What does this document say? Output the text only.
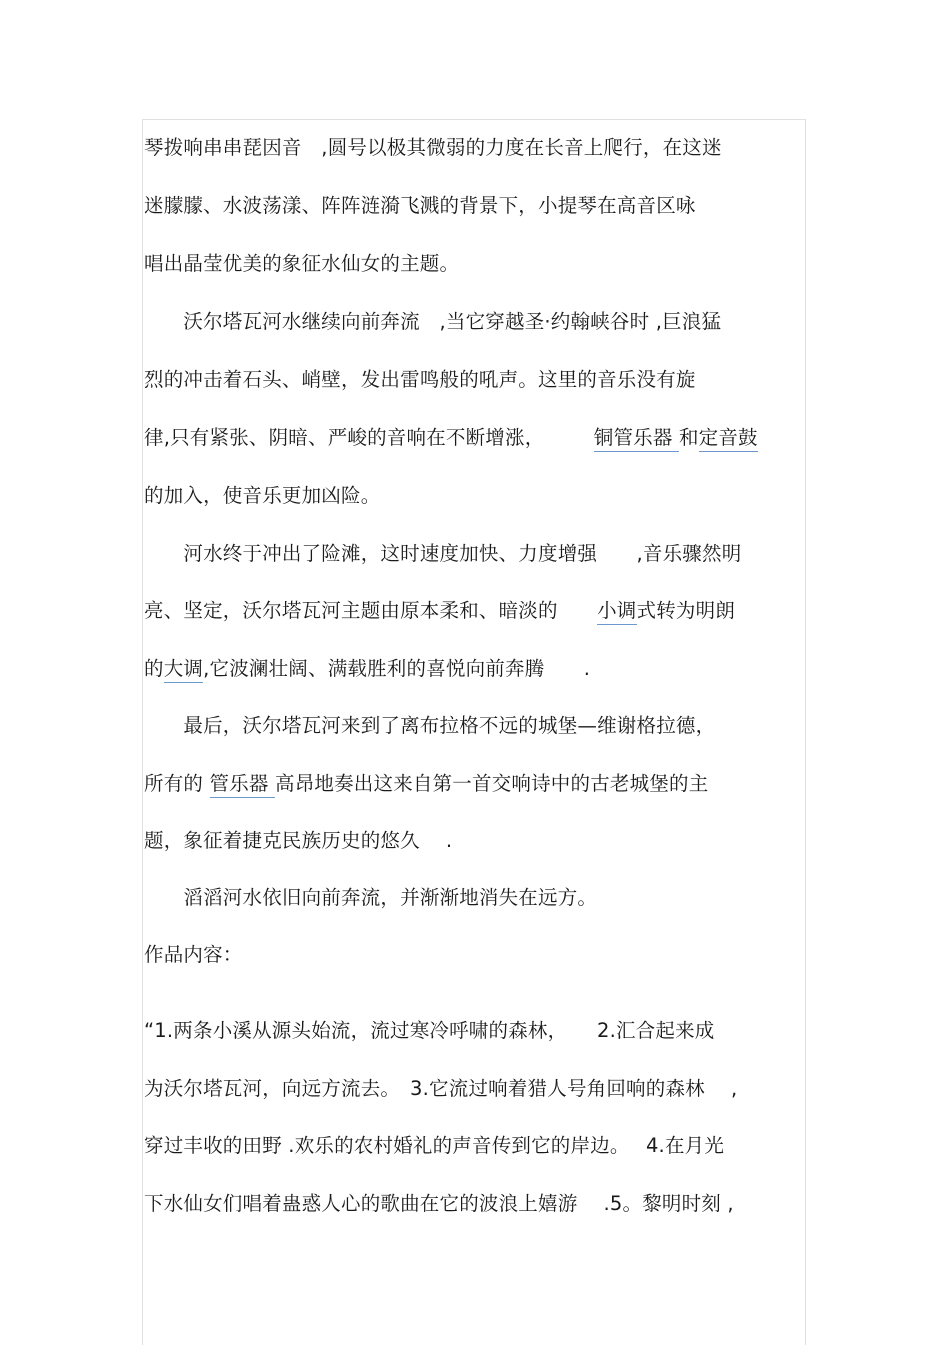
琴拨响串串琵因音　,圆号以极其微弱的力度在长音上爬行，在这迷
迷朦朦、水波荡漾、阵阵涟漪飞溅的背景下，小提琴在高音区咏
唱出晶莹优美的象征水仙女的主题。
　　沃尔塔瓦河水继续向前奔流　,当它穿越圣·约翰峡谷时 ,巨浪猛
烈的冲击着石头、峭壁，发出雷鸣般的吼声。这里的音乐没有旋
律,只有紧张、阴暗、严峻的音响在不断增涨，　　　铜管乐器 和定音鼓
的加入，使音乐更加凶险。
　　河水终于冲出了险滩，这时速度加快、力度增强　　,音乐骤然明
亮、坚定，沃尔塔瓦河主题由原本柔和、暗淡的　　小调式转为明朗
的大调,它波澜壮阔、满载胜利的喜悦向前奔腾　　.
　　最后，沃尔塔瓦河来到了离布拉格不远的城堡—维谢格拉德，
所有的 管乐器 高昂地奏出这来自第一首交响诗中的古老城堡的主
题，象征着捷克民族历史的悠久　 .
　　滔滔河水依旧向前奔流，并渐渐地消失在远方。
作品内容：
“1.两条小溪从源头始流，流过寒冷呼啸的森林，　　2.汇合起来成
为沃尔塔瓦河，向远方流去。　3.它流过响着猎人号角回响的森林　 ,
穿过丰收的田野 .欢乐的农村婚礼的声音传到它的岸边。　 4.在月光
下水仙女们唱着蛊惑人心的歌曲在它的波浪上嬉游　 .5。黎明时刻 ,
